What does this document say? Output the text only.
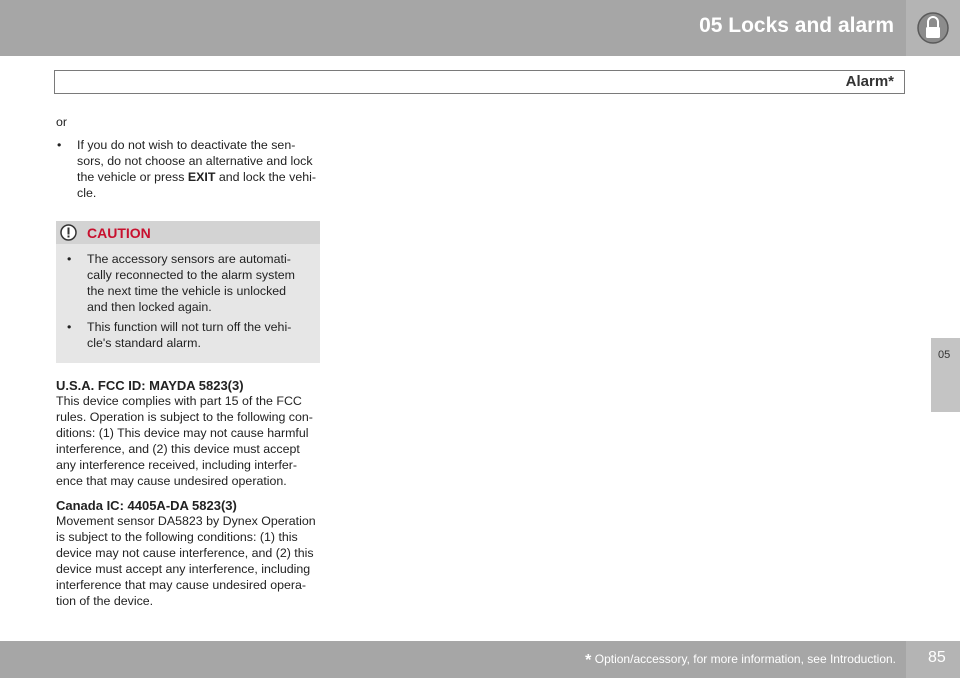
05 Locks and alarm
Alarm*
05

or

• If you do not wish to deactivate the sen-sors, do not choose an alternative and lock the vehicle or press EXIT and lock the vehi-cle.
CAUTION
• The accessory sensors are automati-cally reconnected to the alarm system the next time the vehicle is unlocked and then locked again.
• This function will not turn off the vehi-cle's standard alarm.
U.S.A. FCC ID: MAYDA 5823(3)

This device complies with part 15 of the FCC rules. Operation is subject to the following con-ditions: (1) This device may not cause harmful interference, and (2) this device must accept any interference received, including interfer-ence that may cause undesired operation.

Canada IC: 4405A-DA 5823(3)

Movement sensor DA5823 by Dynex Operation is subject to the following conditions: (1) this device may not cause interference, and (2) this device must accept any interference, including interference that may cause undesired opera-tion of the device.

* Option/accessory, for more information, see Introduction. 85
